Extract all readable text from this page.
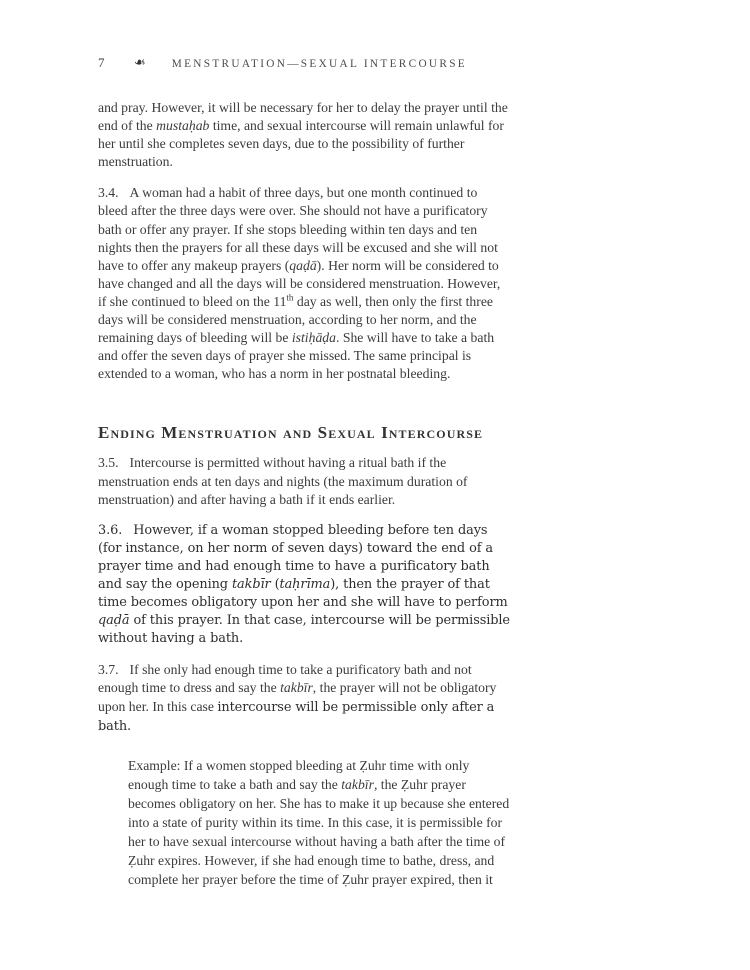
7	❧ MENSTRUATION—SEXUAL INTERCOURSE

and pray. However, it will be necessary for her to delay the prayer until the end of the mustaḥab time, and sexual intercourse will remain unlawful for her until she completes seven days, due to the possibility of further menstruation.

3.4. A woman had a habit of three days, but one month continued to bleed after the three days were over. She should not have a purificatory bath or offer any prayer. If she stops bleeding within ten days and ten nights then the prayers for all these days will be excused and she will not have to offer any makeup prayers (qaḍā). Her norm will be considered to have changed and all the days will be considered menstruation. However, if she continued to bleed on the 11th day as well, then only the first three days will be considered menstruation, according to her norm, and the remaining days of bleeding will be istiḥāḍa. She will have to take a bath and offer the seven days of prayer she missed. The same principal is extended to a woman, who has a norm in her postnatal bleeding.

Ending Menstruation and Sexual Intercourse

3.5. Intercourse is permitted without having a ritual bath if the menstruation ends at ten days and nights (the maximum duration of menstruation) and after having a bath if it ends earlier.

3.6. However, if a woman stopped bleeding before ten days (for instance, on her norm of seven days) toward the end of a prayer time and had enough time to have a purificatory bath and say the opening takbīr (taḥrīma), then the prayer of that time becomes obligatory upon her and she will have to perform qaḍā of this prayer. In that case, intercourse will be permissible without having a bath.

3.7. If she only had enough time to take a purificatory bath and not enough time to dress and say the takbīr, the prayer will not be obligatory upon her. In this case intercourse will be permissible only after a bath.

Example: If a women stopped bleeding at Ẓuhr time with only enough time to take a bath and say the takbīr, the Ẓuhr prayer becomes obligatory on her. She has to make it up because she entered into a state of purity within its time. In this case, it is permissible for her to have sexual intercourse without having a bath after the time of Ẓuhr expires. However, if she had enough time to bathe, dress, and complete her prayer before the time of Ẓuhr prayer expired, then it
